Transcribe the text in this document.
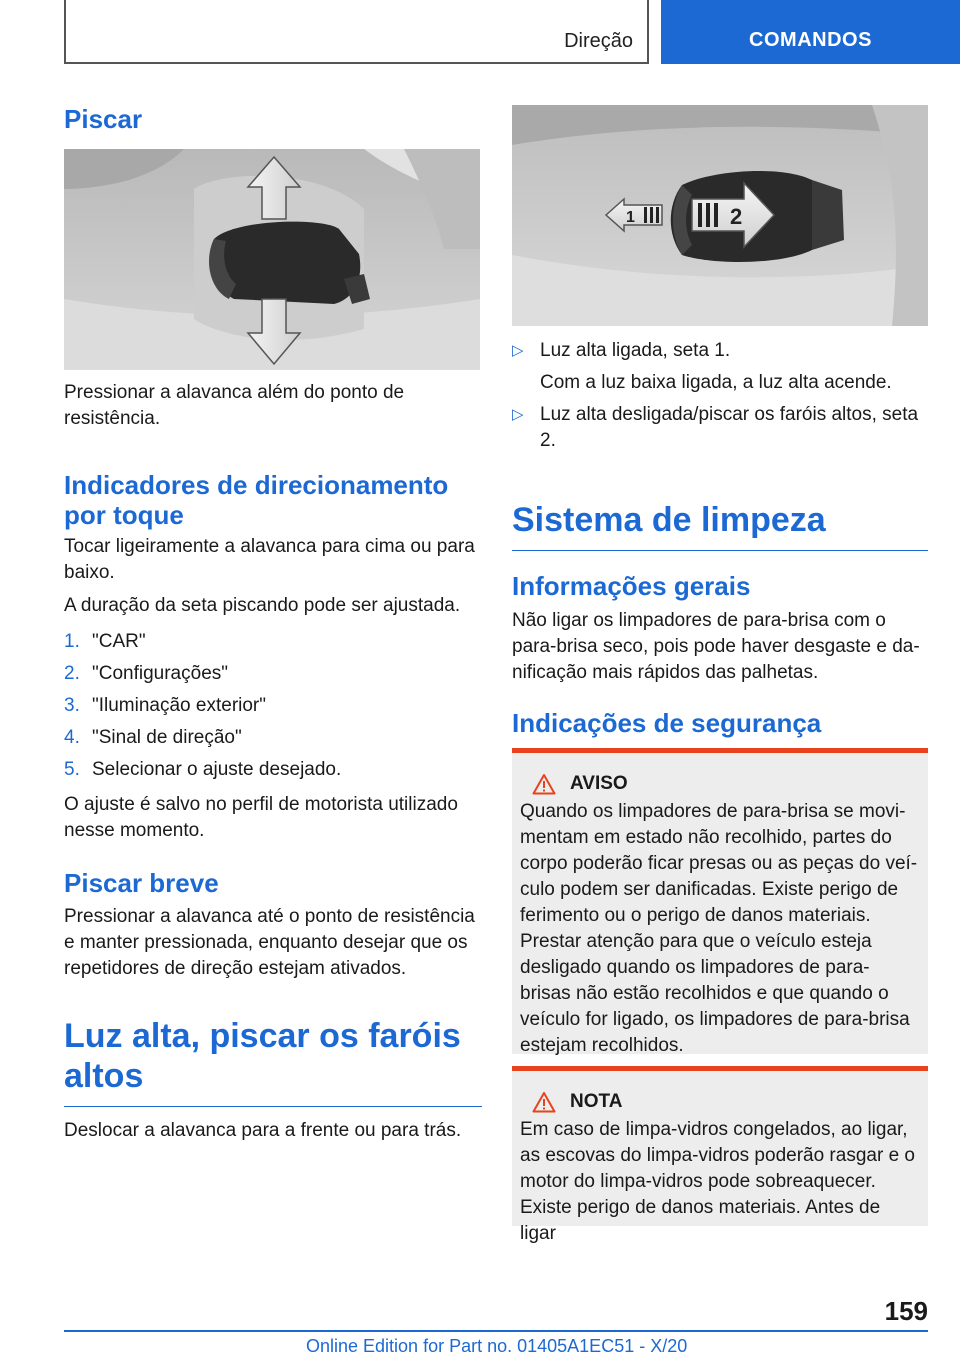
Direção	COMANDOS
Piscar

Pressionar a alavanca além do ponto de resistência.

Indicadores de direcionamento por toque

Tocar ligeiramente a alavanca para cima ou para baixo.

A duração da seta piscando pode ser ajustada.

1. "CAR"
2. "Configurações"
3. "Iluminação exterior"
4. "Sinal de direção"
5. Selecionar o ajuste desejado.

O ajuste é salvo no perfil de motorista utilizado nesse momento.

Piscar breve

Pressionar a alavanca até o ponto de resistência e manter pressionada, enquanto desejar que os repetidores de direção estejam ativados.

Luz alta, piscar os faróis altos

Deslocar a alavanca para a frente ou para trás.

2
1
▷ Luz alta ligada, seta 1.
Com a luz baixa ligada, a luz alta acende.
▷ Luz alta desligada/piscar os faróis altos, seta 2.
Sistema de limpeza
Informações gerais

Não ligar os limpadores de para-brisa com o para-brisa seco, pois pode haver desgaste e danificação mais rápidos das palhetas.

Indicações de segurança
AVISO

Quando os limpadores de para-brisa se movimentam em estado não recolhido, partes do corpo poderão ficar presas ou as peças do veículo podem ser danificadas. Existe perigo de ferimento ou o perigo de danos materiais. Prestar atenção para que o veículo esteja desligado quando os limpadores de para-brisas não estão recolhidos e que quando o veículo for ligado, os limpadores de para-brisa estejam recolhidos.

NOTA

Em caso de limpa-vidros congelados, ao ligar, as escovas do limpa-vidros poderão rasgar e o motor do limpa-vidros pode sobreaquecer. Existe perigo de danos materiais. Antes de ligar

159
Online Edition for Part no. 01405A1EC51 - X/20
